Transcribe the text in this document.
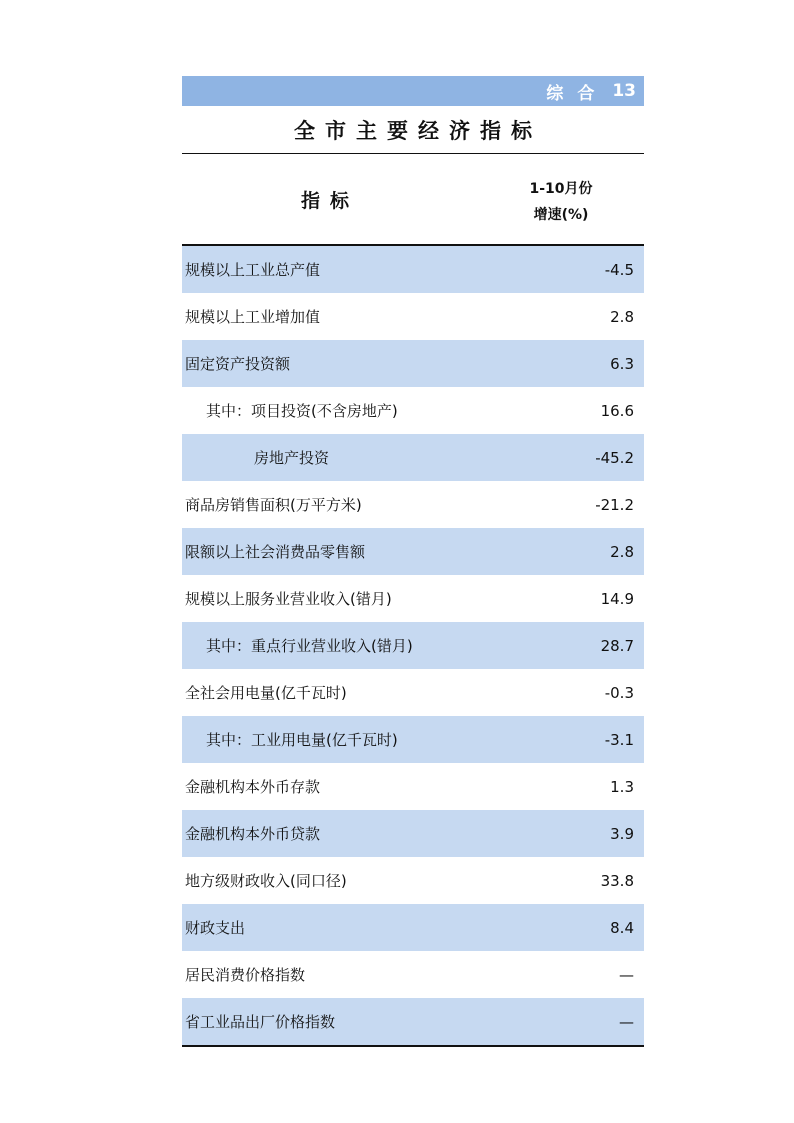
综合 13
全市主要经济指标
指标
1-10月份
增速(%)
规模以上工业总产值	-4.5
规模以上工业增加值	2.8
固定资产投资额	6.3
其中：项目投资(不含房地产)	16.6
房地产投资	-45.2
商品房销售面积(万平方米)	-21.2
限额以上社会消费品零售额	2.8
规模以上服务业营业收入(错月)	14.9
其中：重点行业营业收入(错月)	28.7
全社会用电量(亿千瓦时)	-0.3
其中：工业用电量(亿千瓦时)	-3.1
金融机构本外币存款	1.3
金融机构本外币贷款	3.9
地方级财政收入(同口径)	33.8
财政支出	8.4
居民消费价格指数	—
省工业品出厂价格指数	—
